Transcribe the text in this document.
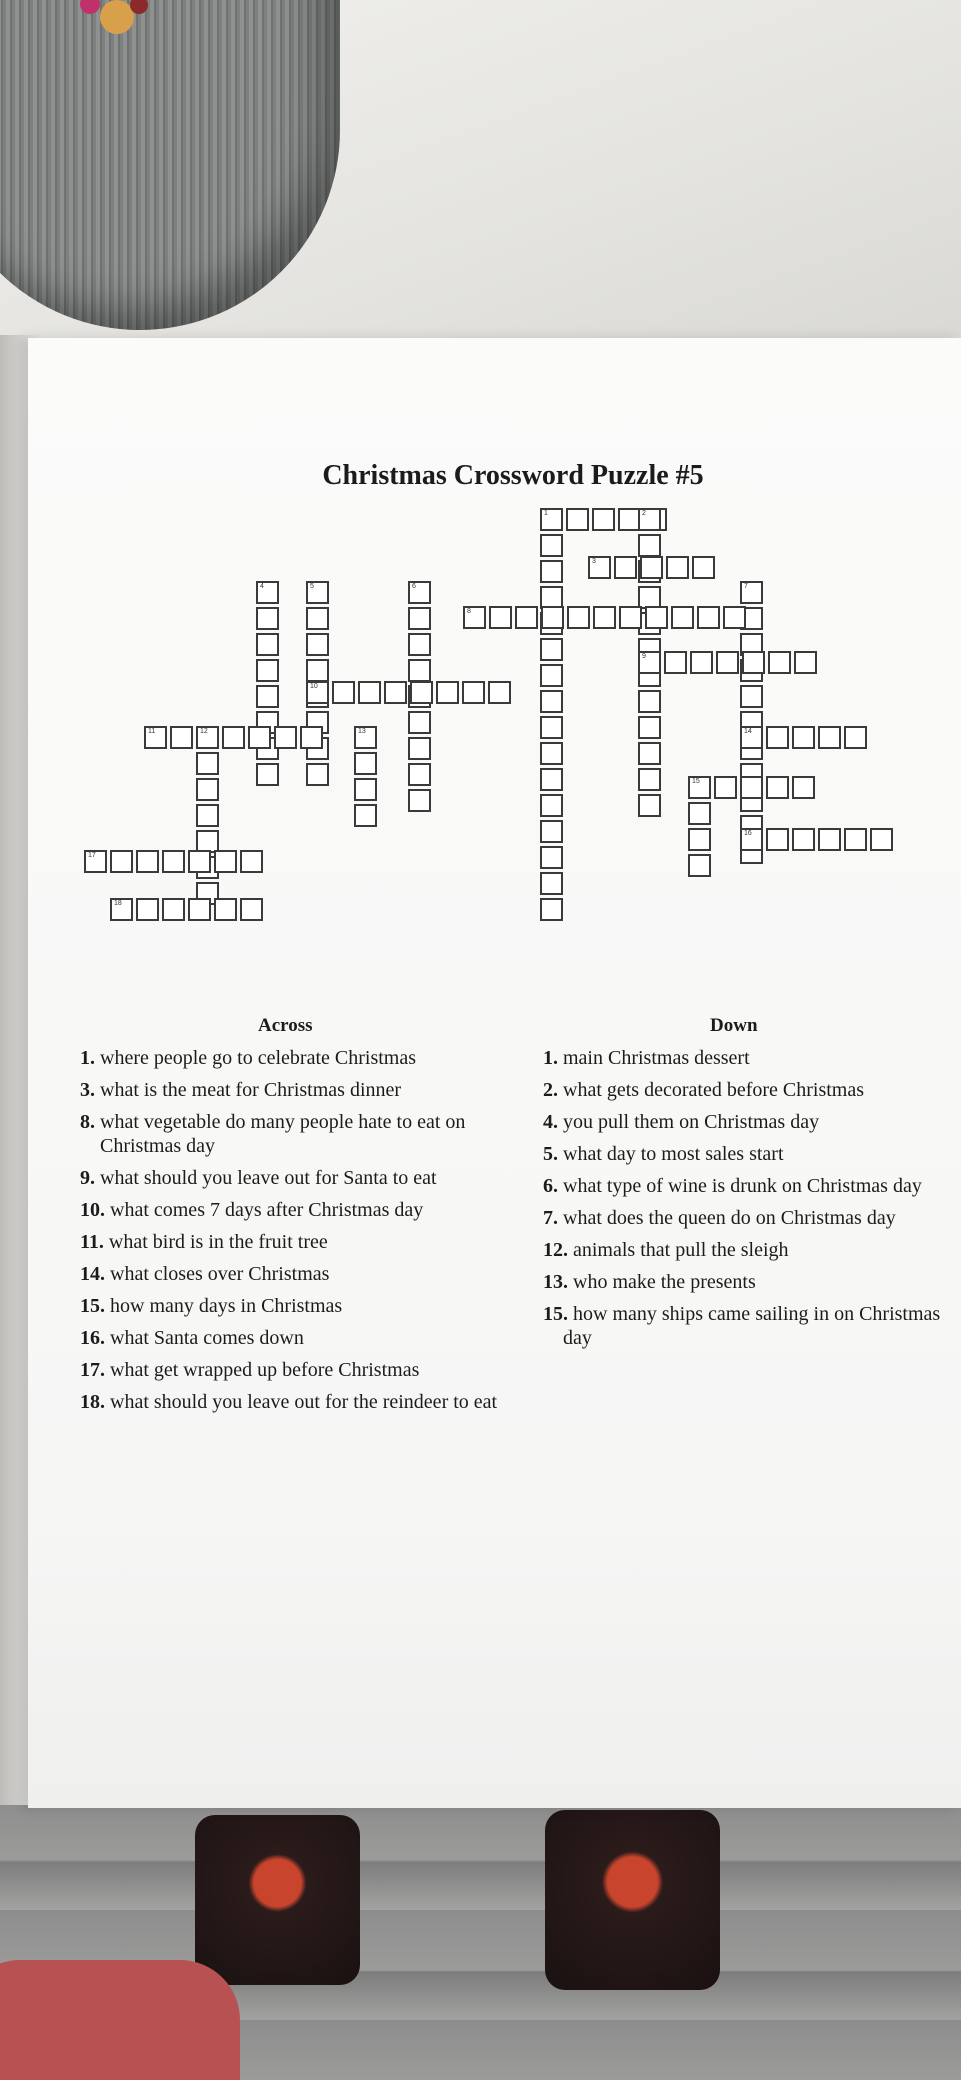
Christmas Crossword Puzzle #5
1	2
3
4	5	6	7
8
9
10
11	12	13	14
15
16
17
18
Across	Down
1. where people go to celebrate Christmas
3. what is the meat for Christmas dinner
8. what vegetable do many people hate to eat on Christmas day
9. what should you leave out for Santa to eat
10. what comes 7 days after Christmas day
11. what bird is in the fruit tree
14. what closes over Christmas
15. how many days in Christmas
16. what Santa comes down
17. what get wrapped up before Christmas
18. what should you leave out for the reindeer to eat
1. main Christmas dessert
2. what gets decorated before Christmas
4. you pull them on Christmas day
5. what day to most sales start
6. what type of wine is drunk on Christmas day
7. what does the queen do on Christmas day
12. animals that pull the sleigh
13. who make the presents
15. how many ships came sailing in on Christmas day
